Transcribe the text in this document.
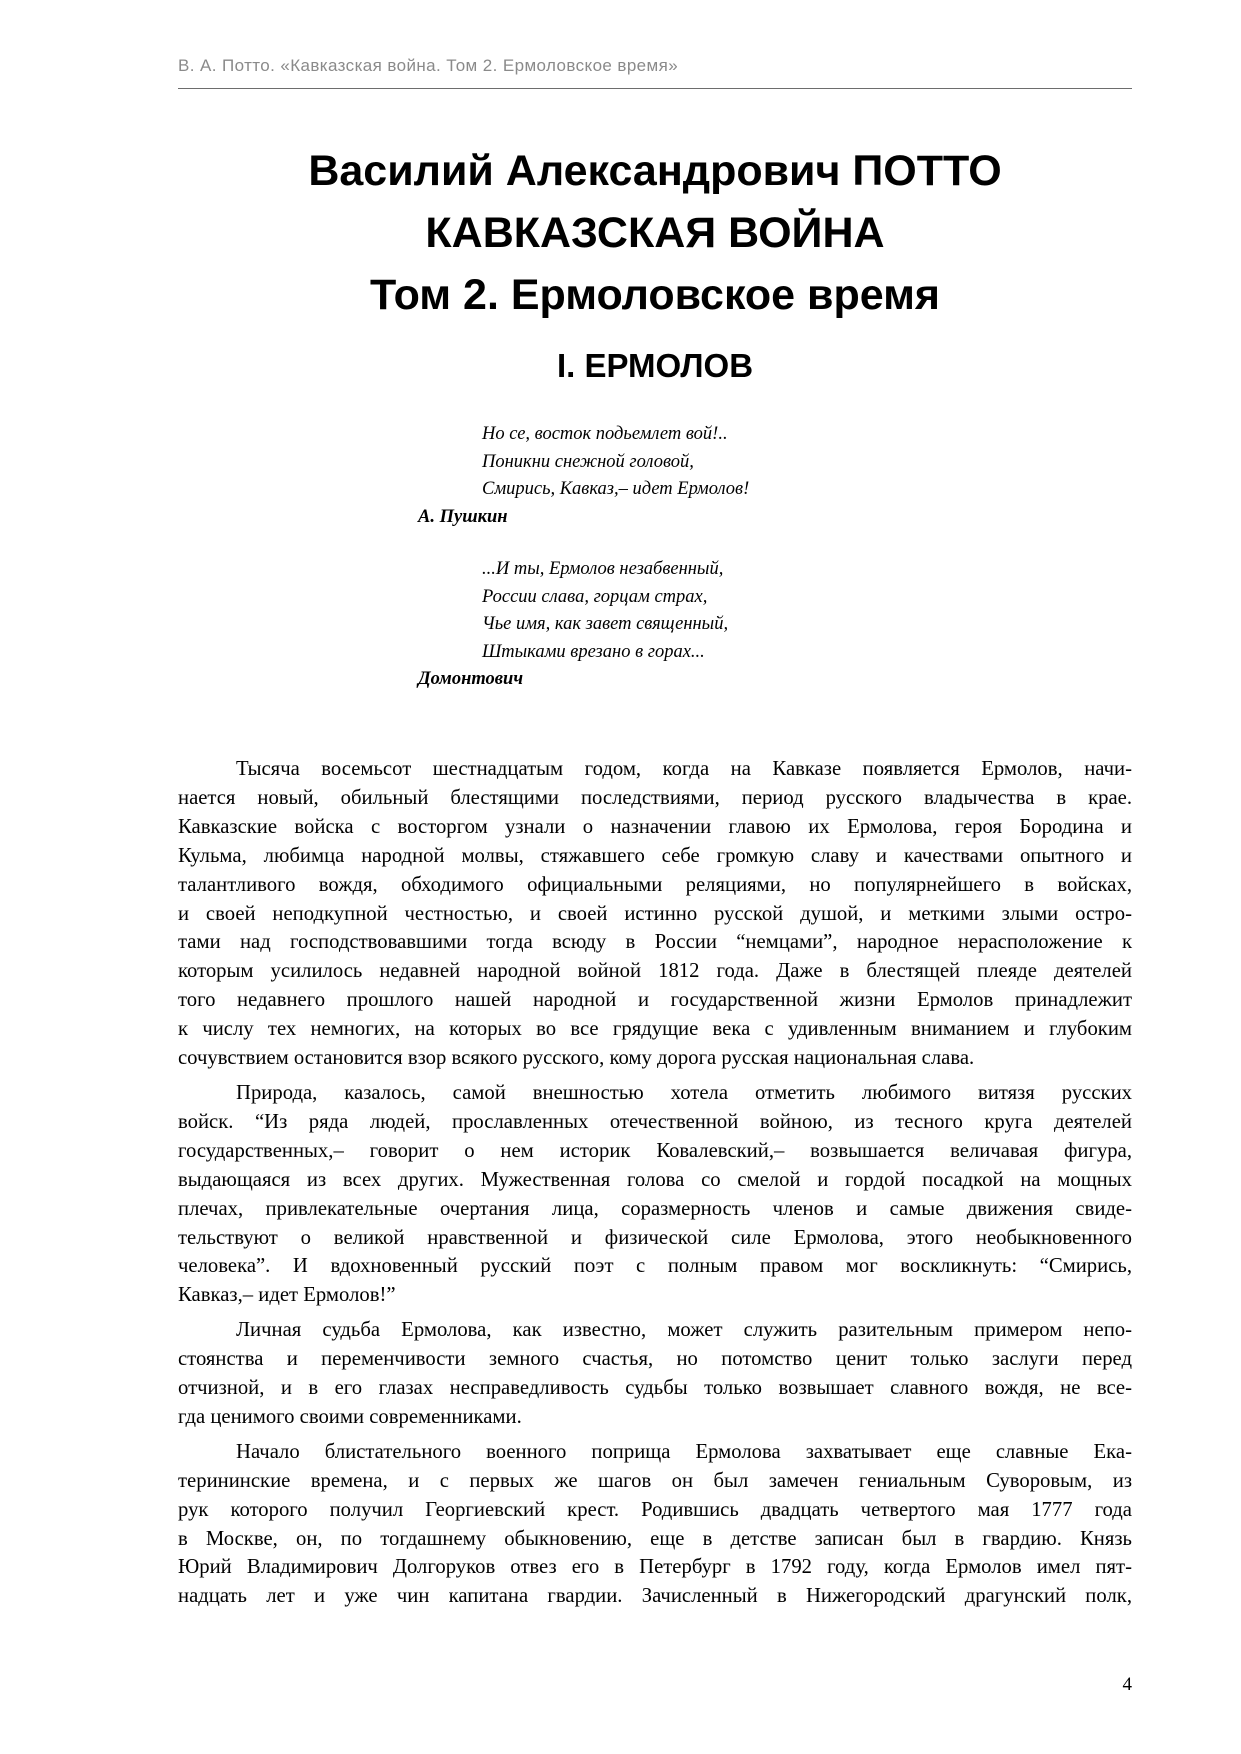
В. А. Потто. «Кавказская война. Том 2. Ермоловское время»
Василий Александрович ПОТТО
КАВКАЗСКАЯ ВОЙНА
Том 2. Ермоловское время
I. ЕРМОЛОВ
Но се, восток подьемлет вой!..
Поникни снежной головой,
Смирись, Кавказ,– идет Ермолов!
А. Пушкин
...И ты, Ермолов незабвенный,
России слава, горцам страх,
Чье имя, как завет священный,
Штыками врезано в горах...
Домонтович
Тысяча восемьсот шестнадцатым годом, когда на Кавказе появляется Ермолов, начи-
нается новый, обильный блестящими последствиями, период русского владычества в крае.
Кавказские войска с восторгом узнали о назначении главою их Ермолова, героя Бородина и
Кульма, любимца народной молвы, стяжавшего себе громкую славу и качествами опытного и
талантливого вождя, обходимого официальными реляциями, но популярнейшего в войсках,
и своей неподкупной честностью, и своей истинно русской душой, и меткими злыми остро-
тами над господствовавшими тогда всюду в России “немцами”, народное нерасположение к
которым усилилось недавней народной войной 1812 года. Даже в блестящей плеяде деятелей
того недавнего прошлого нашей народной и государственной жизни Ермолов принадлежит
к числу тех немногих, на которых во все грядущие века с удивленным вниманием и глубоким
сочувствием остановится взор всякого русского, кому дорога русская национальная слава.
Природа, казалось, самой внешностью хотела отметить любимого витязя русских
войск. “Из ряда людей, прославленных отечественной войною, из тесного круга деятелей
государственных,– говорит о нем историк Ковалевский,– возвышается величавая фигура,
выдающаяся из всех других. Мужественная голова со смелой и гордой посадкой на мощных
плечах, привлекательные очертания лица, соразмерность членов и самые движения свиде-
тельствуют о великой нравственной и физической силе Ермолова, этого необыкновенного
человека”. И вдохновенный русский поэт с полным правом мог воскликнуть: “Смирись,
Кавказ,– идет Ермолов!”
Личная судьба Ермолова, как известно, может служить разительным примером непо-
стоянства и переменчивости земного счастья, но потомство ценит только заслуги перед
отчизной, и в его глазах несправедливость судьбы только возвышает славного вождя, не все-
гда ценимого своими современниками.
Начало блистательного военного поприща Ермолова захватывает еще славные Ека-
терининские времена, и с первых же шагов он был замечен гениальным Суворовым, из
рук которого получил Георгиевский крест. Родившись двадцать четвертого мая 1777 года
в Москве, он, по тогдашнему обыкновению, еще в детстве записан был в гвардию. Князь
Юрий Владимирович Долгоруков отвез его в Петербург в 1792 году, когда Ермолов имел пят-
надцать лет и уже чин капитана гвардии. Зачисленный в Нижегородский драгунский полк,
4
